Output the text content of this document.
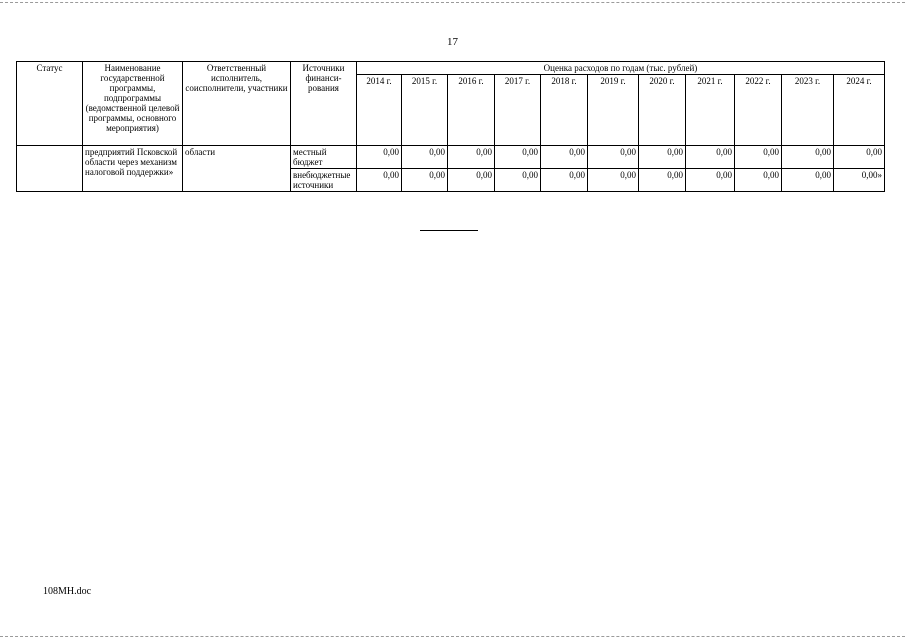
17
Статус	Наименование государственной программы, подпрограммы (ведомственной целевой программы, основного мероприятия)	Ответственный исполнитель, соисполнители, участники	Источники финанси-рования	Оценка расходов по годам (тыс. рублей)										
				2014 г.	2015 г.	2016 г.	2017 г.	2018 г.	2019 г.	2020 г.	2021 г.	2022 г.	2023 г.	2024 г.
	предприятий Псковской области через механизм налоговой поддержки»	области	местный бюджет	0,00	0,00	0,00	0,00	0,00	0,00	0,00	0,00	0,00	0,00	0,00
			внебюджетные источники	0,00	0,00	0,00	0,00	0,00	0,00	0,00	0,00	0,00	0,00	0,00»
108МН.doc
